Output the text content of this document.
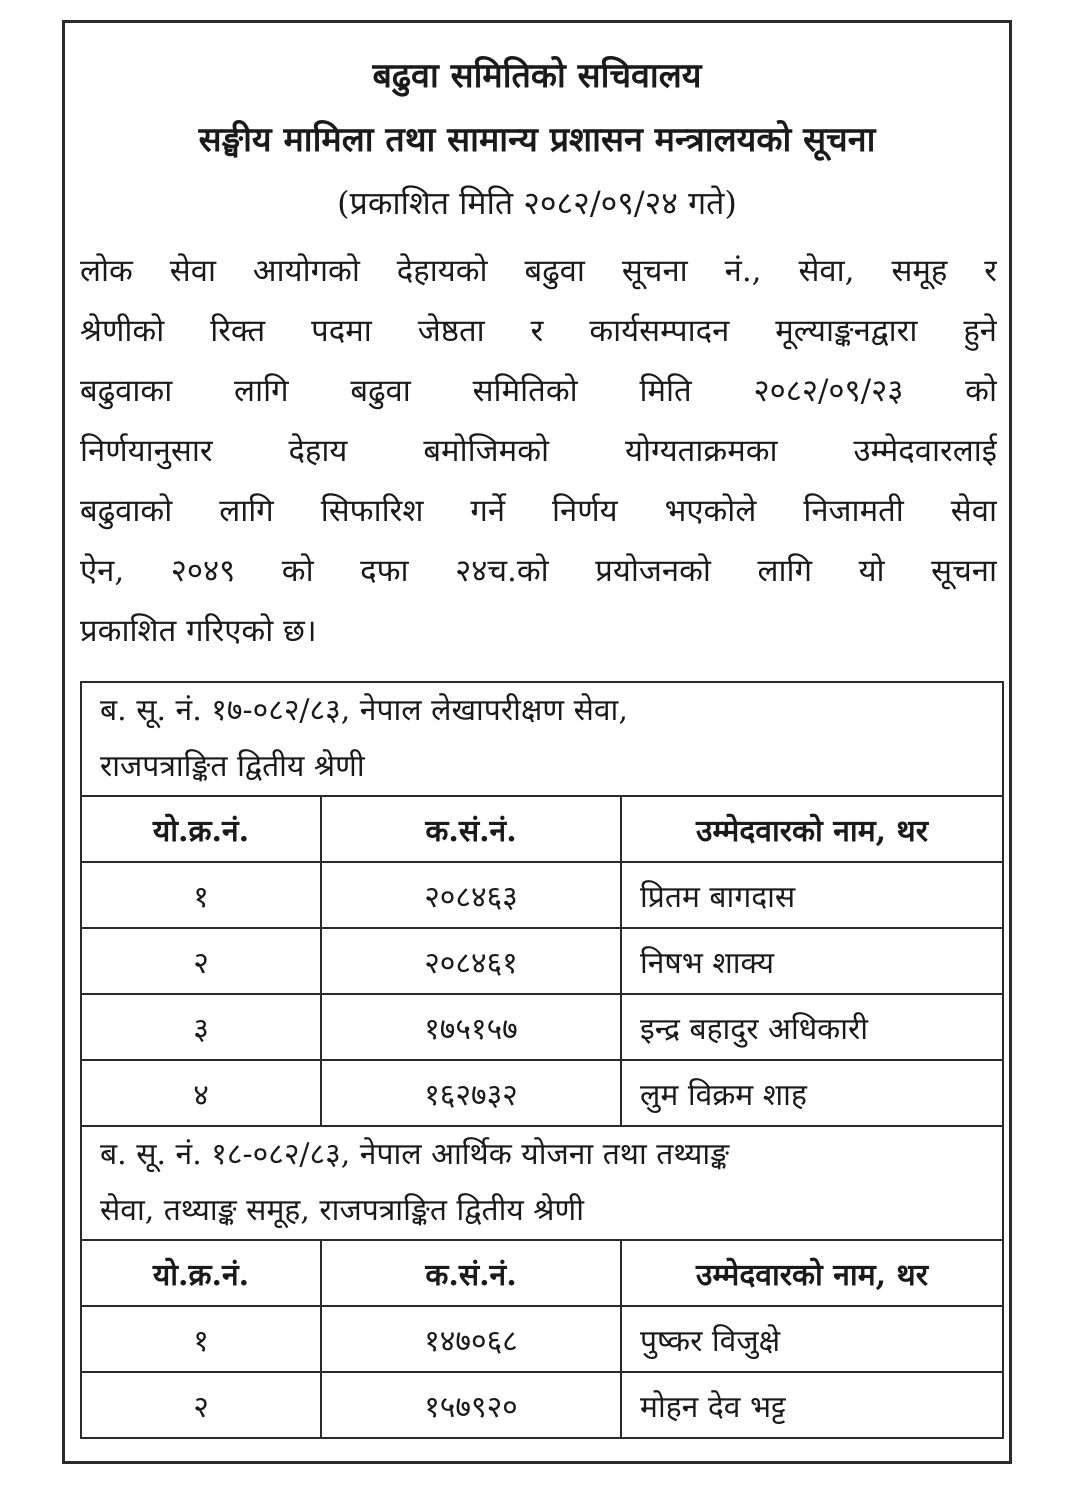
बढुवा समितिको सचिवालय
सङ्घीय मामिला तथा सामान्य प्रशासन मन्त्रालयको सूचना
(प्रकाशित मिति २०८२/०९/२४ गते)
लोक सेवा आयोगको देहायको बढुवा सूचना नं., सेवा, समूह र
श्रेणीको रिक्त पदमा जेष्ठता र कार्यसम्पादन मूल्याङ्कनद्वारा हुने
बढुवाका लागि बढुवा समितिको मिति २०८२/०९/२३ को
निर्णयानुसार देहाय बमोजिमको योग्यताक्रमका उम्मेदवारलाई
बढुवाको लागि सिफारिश गर्ने निर्णय भएकोले निजामती सेवा
ऐन, २०४९ को दफा २४च.को प्रयोजनको लागि यो सूचना
प्रकाशित गरिएको छ।
ब. सू. नं. १७-०८२/८३, नेपाल लेखापरीक्षण सेवा,
राजपत्राङ्कित द्वितीय श्रेणी		
यो.क्र.नं.	क.सं.नं.	उम्मेदवारको नाम, थर
१	२०८४६३	प्रितम बागदास
२	२०८४६१	निषभ शाक्य
३	१७५१५७	इन्द्र बहादुर अधिकारी
४	१६२७३२	लुम विक्रम शाह
ब. सू. नं. १८-०८२/८३, नेपाल आर्थिक योजना तथा तथ्याङ्क
सेवा, तथ्याङ्क समूह, राजपत्राङ्कित द्वितीय श्रेणी		
यो.क्र.नं.	क.सं.नं.	उम्मेदवारको नाम, थर
१	१४७०६८	पुष्कर विजुक्षे
२	१५७९२०	मोहन देव भट्ट
